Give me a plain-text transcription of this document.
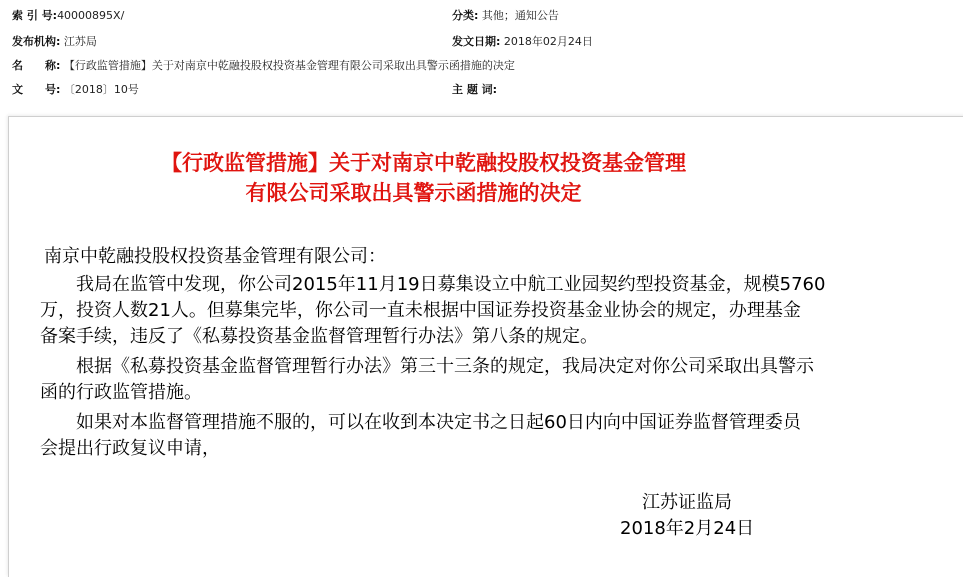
索 引 号:40000895X/	分类: 其他；通知公告
发布机构: 江苏局	发文日期: 2018年02月24日
名　　称: 【行政监管措施】关于对南京中乾融投股权投资基金管理有限公司采取出具警示函措施的决定
文　　号: 〔2018〕10号	主 题 词:
【行政监管措施】关于对南京中乾融投股权投资基金管理
有限公司采取出具警示函措施的决定
南京中乾融投股权投资基金管理有限公司：
　　我局在监管中发现，你公司2015年11月19日募集设立中航工业园契约型投资基金，规模5760
万，投资人数21人。但募集完毕，你公司一直未根据中国证券投资基金业协会的规定，办理基金
备案手续，违反了《私募投资基金监督管理暂行办法》第八条的规定。
　　根据《私募投资基金监督管理暂行办法》第三十三条的规定，我局决定对你公司采取出具警示
函的行政监管措施。
　　如果对本监督管理措施不服的，可以在收到本决定书之日起60日内向中国证券监督管理委员
会提出行政复议申请，
江苏证监局
2018年2月24日
